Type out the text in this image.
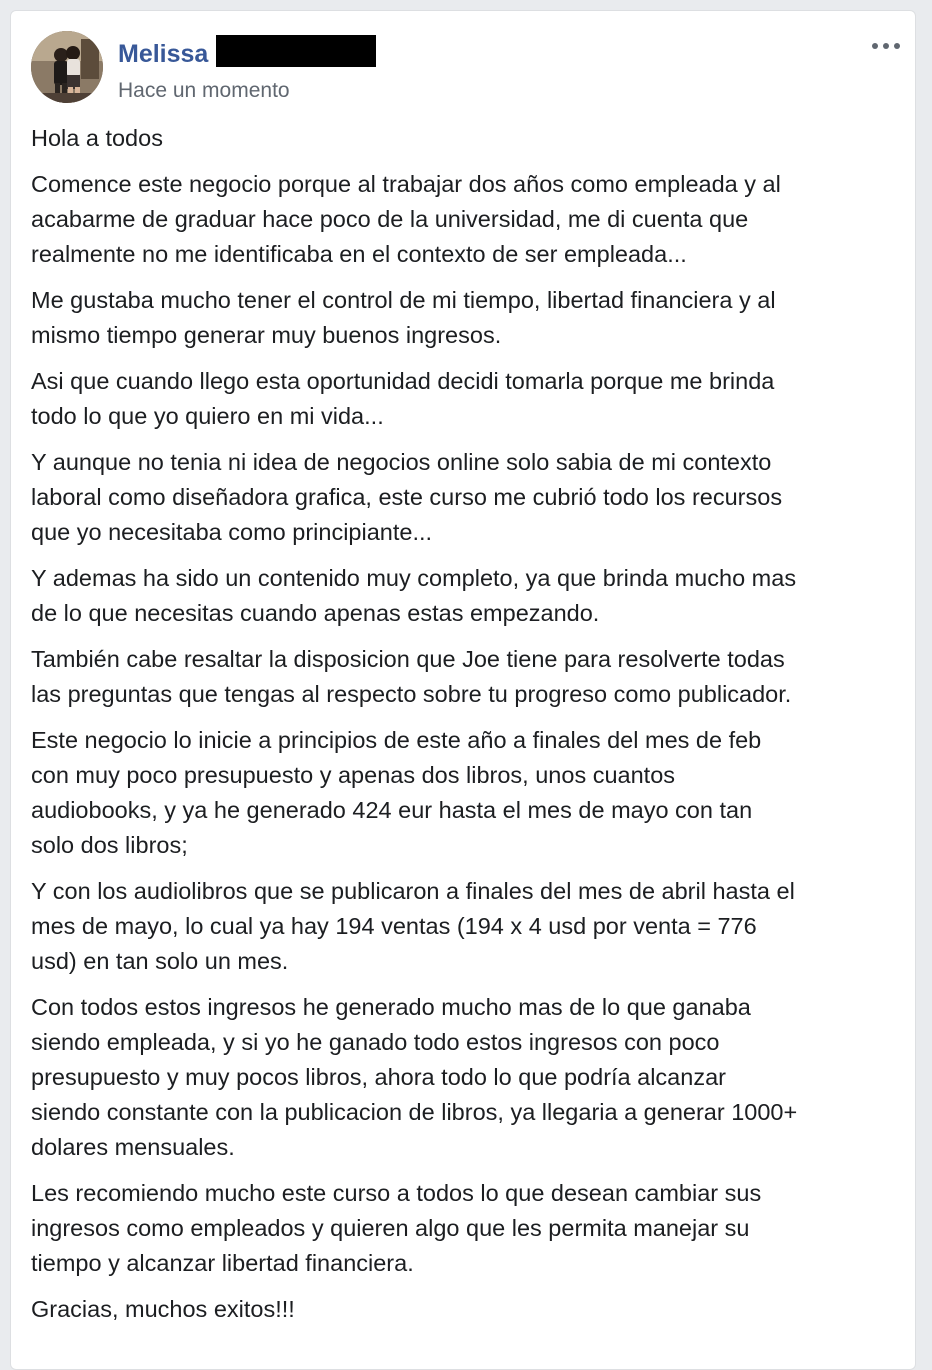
Melissa
Hace un momento

Hola a todos

Comence este negocio porque al trabajar dos años como empleada y al
acabarme de graduar hace poco de la universidad, me di cuenta que
realmente no me identificaba en el contexto de ser empleada...

Me gustaba mucho tener el control de mi tiempo, libertad financiera y al
mismo tiempo generar muy buenos ingresos.

Asi que cuando llego esta oportunidad decidi tomarla porque me brinda
todo lo que yo quiero en mi vida...

Y aunque no tenia ni idea de negocios online solo sabia de mi contexto
laboral como diseñadora grafica, este curso me cubrió todo los recursos
que yo necesitaba como principiante...

Y ademas ha sido un contenido muy completo, ya que brinda mucho mas
de lo que necesitas cuando apenas estas empezando.

También cabe resaltar la disposicion que Joe tiene para resolverte todas
las preguntas que tengas al respecto sobre tu progreso como publicador.

Este negocio lo inicie a principios de este año a finales del mes de feb
con muy poco presupuesto y apenas dos libros, unos cuantos
audiobooks, y ya he generado 424 eur hasta el mes de mayo con tan
solo dos libros;

Y con los audiolibros que se publicaron a finales del mes de abril hasta el
mes de mayo, lo cual ya hay 194 ventas (194 x 4 usd por venta = 776
usd) en tan solo un mes.

Con todos estos ingresos he generado mucho mas de lo que ganaba
siendo empleada, y si yo he ganado todo estos ingresos con poco
presupuesto y muy pocos libros, ahora todo lo que podría alcanzar
siendo constante con la publicacion de libros, ya llegaria a generar 1000+
dolares mensuales.

Les recomiendo mucho este curso a todos lo que desean cambiar sus
ingresos como empleados y quieren algo que les permita manejar su
tiempo y alcanzar libertad financiera.

Gracias, muchos exitos!!!
